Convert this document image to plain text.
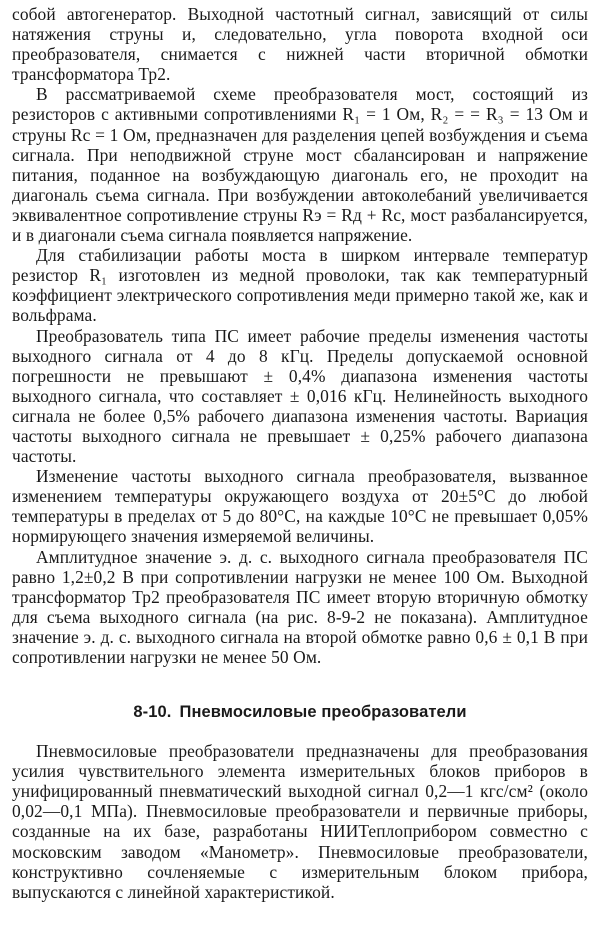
собой автогенератор. Выходной частотный сигнал, зависящий от силы натяжения струны и, следовательно, угла поворота входной оси преобразователя, снимается с нижней части вторичной обмотки трансформатора Тр2.

В рассматриваемой схеме преобразователя мост, состоящий из резисторов с активными сопротивлениями R₁ = 1 Ом, R₂ = = R₃ = 13 Ом и струны Rс = 1 Ом, предназначен для разделения цепей возбуждения и съема сигнала. При неподвижной струне мост сбалансирован и напряжение питания, поданное на возбуждающую диагональ его, не проходит на диагональ съема сигнала. При возбуждении автоколебаний увеличивается эквивалентное сопротивление струны Rэ = Rд + Rс, мост разбалансируется, и в диагонали съема сигнала появляется напряжение.

Для стабилизации работы моста в шиpком интервале температур резистор R₁ изготовлен из медной проволоки, так как температурный коэффициент электрического сопротивления меди примерно такой же, как и вольфрама.

Преобразователь типа ПС имеет рабочие пределы изменения частоты выходного сигнала от 4 до 8 кГц. Пределы допускаемой основной погрешности не превышают ± 0,4% диапазона изменения частоты выходного сигнала, что составляет ± 0,016 кГц. Нелинейность выходного сигнала не более 0,5% рабочего диапазона изменения частоты. Вариация частоты выходного сигнала не превышает ± 0,25% рабочего диапазона частоты.

Изменение частоты выходного сигнала преобразователя, вызванное изменением температуры окружающего воздуха от 20±5°С до любой температуры в пределах от 5 до 80°С, на каждые 10°С не превышает 0,05% нормирующего значения измеряемой величины.

Амплитудное значение э. д. с. выходного сигнала преобразователя ПС равно 1,2±0,2 В при сопротивлении нагрузки не менее 100 Ом. Выходной трансформатор Тр2 преобразователя ПС имеет вторую вторичную обмотку для съема выходного сигнала (на рис. 8-9-2 не показана). Амплитудное значение э. д. с. выходного сигнала на второй обмотке равно 0,6 ± 0,1 В при сопротивлении нагрузки не менее 50 Ом.

8-10. Пневмосиловые преобразователи

Пневмосиловые преобразователи предназначены для преобразования усилия чувствительного элемента измерительных блоков приборов в унифицированный пневматический выходной сигнал 0,2—1 кгс/см² (около 0,02—0,1 МПа). Пневмосиловые преобразователи и первичные приборы, созданные на их базе, разработаны НИИТеплоприбором совместно с московским заводом «Манометр». Пневмосиловые преобразователи, конструктивно сочленяемые с измерительным блоком прибора, выпускаются с линейной характеристикой.
